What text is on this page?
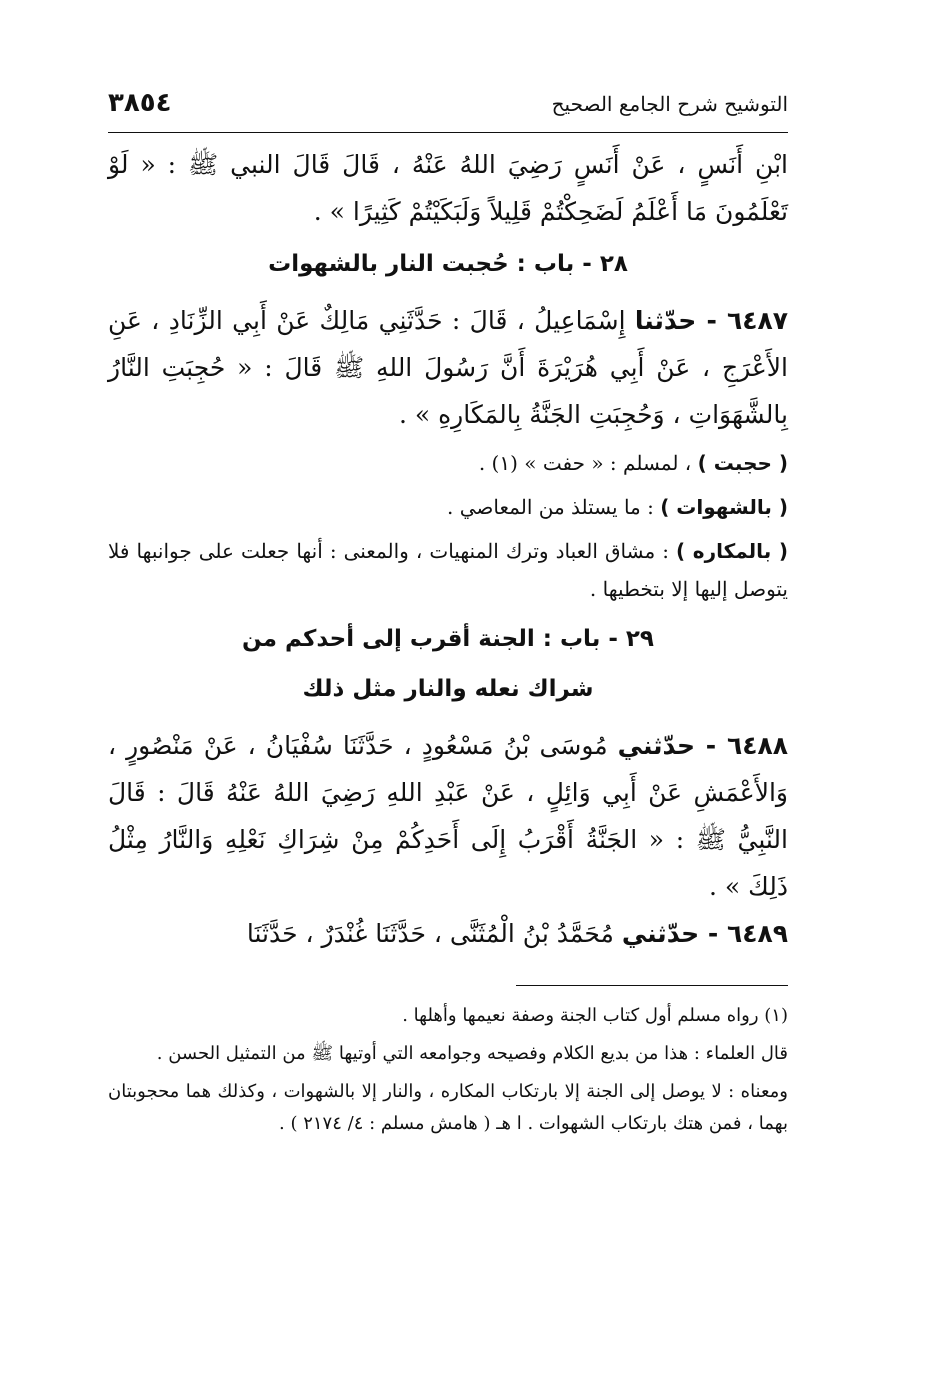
التوشيح شرح الجامع الصحيح
٣٨٥٤

ابْنِ أَنَسٍ ، عَنْ أَنَسٍ رَضِيَ اللهُ عَنْهُ ، قَالَ قَالَ النبي ﷺ : « لَوْ تَعْلَمُونَ مَا أَعْلَمُ لَضَحِكْتُمْ قَلِيلاً وَلَبَكَيْتُمْ كَثِيرًا » .

٢٨ - باب : حُجبت النار بالشهوات

٦٤٨٧ - حدّثنا إِسْمَاعِيلُ ، قَالَ : حَدَّثَنِي مَالِكٌ عَنْ أَبِي الزِّنَادِ ، عَنِ الأَعْرَجِ ، عَنْ أَبِي هُرَيْرَةَ أَنَّ رَسُولَ اللهِ ﷺ قَالَ : « حُجِبَتِ النَّارُ بِالشَّهَوَاتِ ، وَحُجِبَتِ الجَنَّةُ بِالمَكَارِهِ » .

( حجبت ) ، لمسلم : « حفت » (١) .

( بالشهوات ) : ما يستلذ من المعاصي .

( بالمكاره ) : مشاق العباد وترك المنهيات ، والمعنى : أنها جعلت على جوانبها فلا يتوصل إليها إلا بتخطيها .

٢٩ - باب : الجنة أقرب إلى أحدكم من
شراك نعله والنار مثل ذلك

٦٤٨٨ - حدّثني مُوسَى بْنُ مَسْعُودٍ ، حَدَّثَنَا سُفْيَانُ ، عَنْ مَنْصُورٍ ، وَالأَعْمَشِ عَنْ أَبِي وَائِلٍ ، عَنْ عَبْدِ اللهِ رَضِيَ اللهُ عَنْهُ قَالَ : قَالَ النَّبِيُّ ﷺ : « الجَنَّةُ أَقْرَبُ إِلَى أَحَدِكُمْ مِنْ شِرَاكِ نَعْلِهِ وَالنَّارُ مِثْلُ ذَلِكَ » .

٦٤٨٩ - حدّثني مُحَمَّدُ بْنُ الْمُثَنَّى ، حَدَّثَنَا غُنْدَرٌ ، حَدَّثَنَا

(١) رواه مسلم أول كتاب الجنة وصفة نعيمها وأهلها .

قال العلماء : هذا من بديع الكلام وفصيحه وجوامعه التي أوتيها ﷺ من التمثيل الحسن .

ومعناه : لا يوصل إلى الجنة إلا بارتكاب المكاره ، والنار إلا بالشهوات ، وكذلك هما محجوبتان بهما ، فمن هتك بارتكاب الشهوات . ا هـ ( هامش مسلم : ٤/ ٢١٧٤ ) .
